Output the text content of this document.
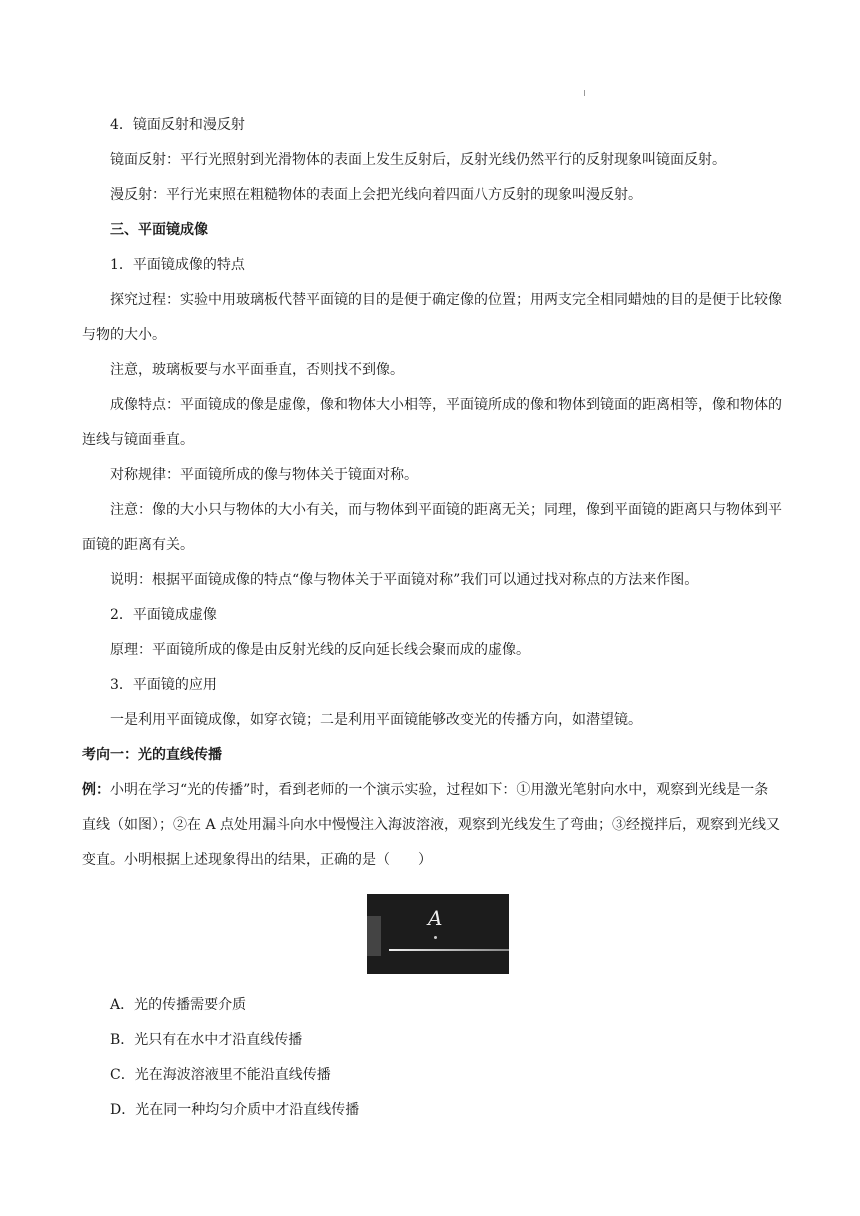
4．镜面反射和漫反射

镜面反射：平行光照射到光滑物体的表面上发生反射后，反射光线仍然平行的反射现象叫镜面反射。

漫反射：平行光束照在粗糙物体的表面上会把光线向着四面八方反射的现象叫漫反射。

三、平面镜成像

1．平面镜成像的特点

探究过程：实验中用玻璃板代替平面镜的目的是便于确定像的位置；用两支完全相同蜡烛的目的是便于比较像与物的大小。

注意，玻璃板要与水平面垂直，否则找不到像。

成像特点：平面镜成的像是虚像，像和物体大小相等，平面镜所成的像和物体到镜面的距离相等，像和物体的连线与镜面垂直。

对称规律：平面镜所成的像与物体关于镜面对称。

注意：像的大小只与物体的大小有关，而与物体到平面镜的距离无关；同理，像到平面镜的距离只与物体到平面镜的距离有关。

说明：根据平面镜成像的特点“像与物体关于平面镜对称”我们可以通过找对称点的方法来作图。

2．平面镜成虚像

原理：平面镜所成的像是由反射光线的反向延长线会聚而成的虚像。

3．平面镜的应用

一是利用平面镜成像，如穿衣镜；二是利用平面镜能够改变光的传播方向，如潜望镜。

考向一：光的直线传播

例：小明在学习“光的传播”时，看到老师的一个演示实验，过程如下：①用激光笔射向水中，观察到光线是一条直线（如图）；②在 A 点处用漏斗向水中慢慢注入海波溶液，观察到光线发生了弯曲；③经搅拌后，观察到光线又变直。小明根据上述现象得出的结果，正确的是（　　）

A

A．光的传播需要介质

B．光只有在水中才沿直线传播

C．光在海波溶液里不能沿直线传播

D．光在同一种均匀介质中才沿直线传播
